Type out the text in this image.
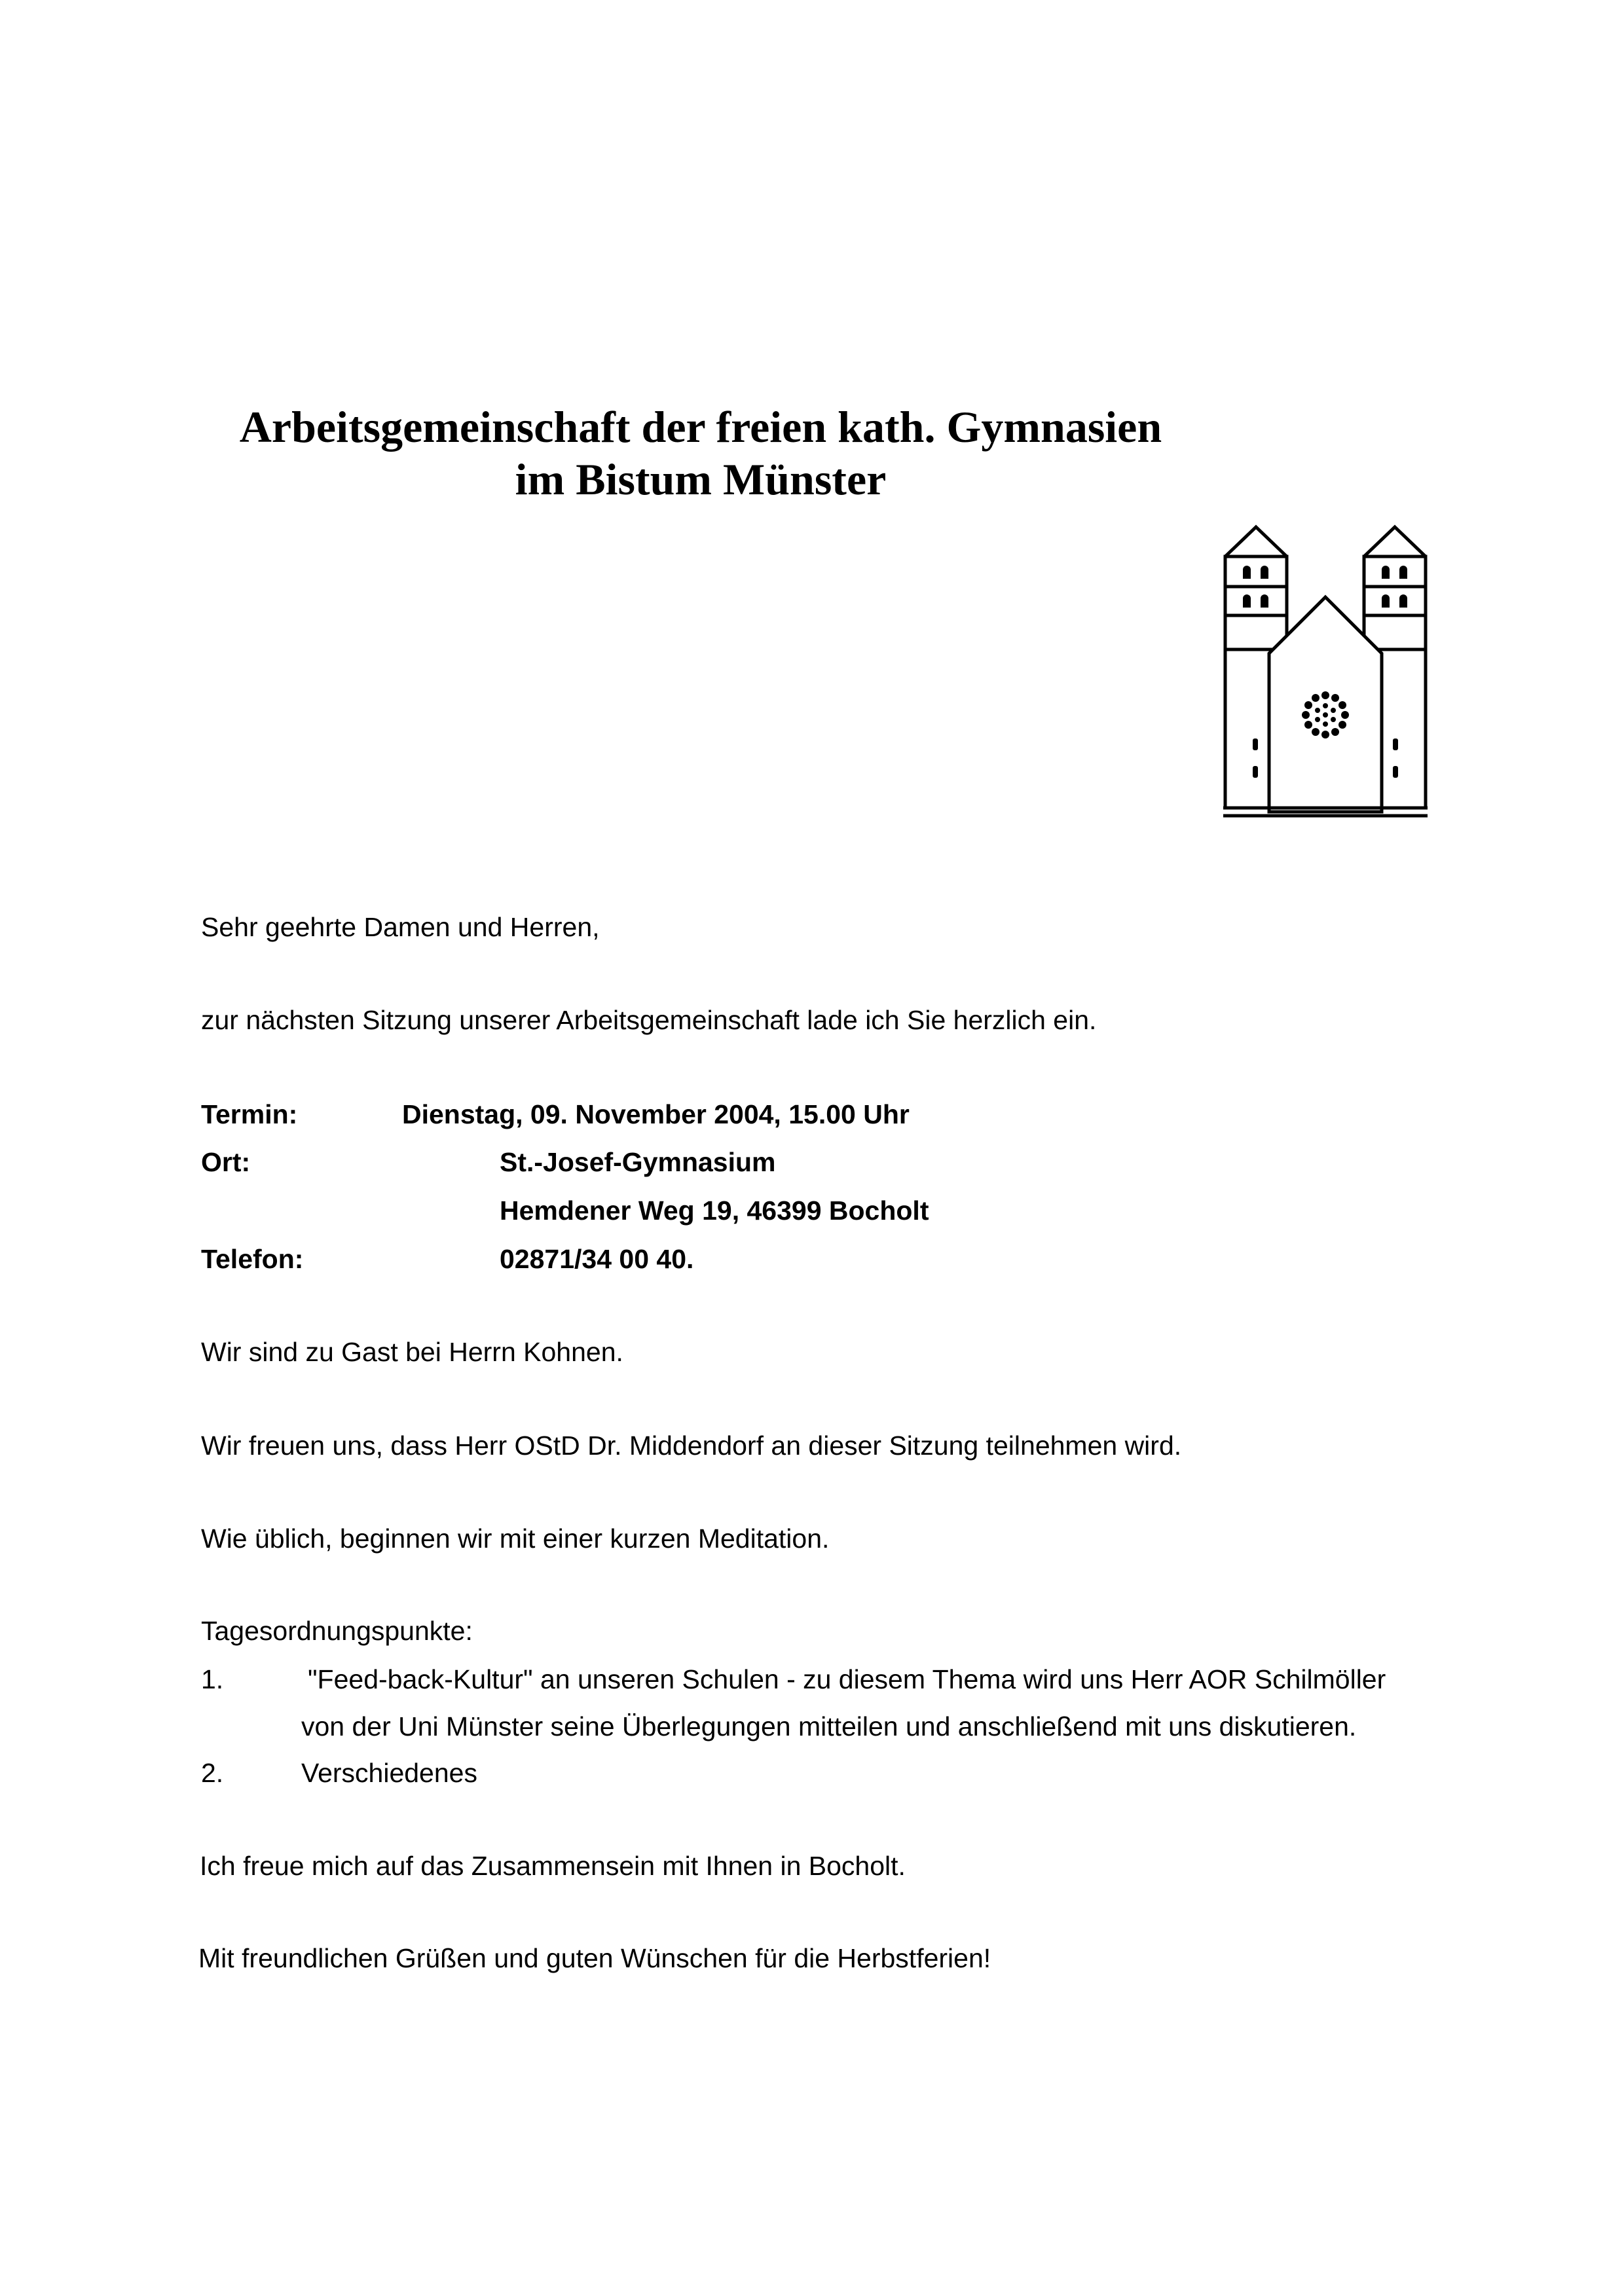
Arbeitsgemeinschaft der freien kath. Gymnasien
im Bistum Münster

Sehr geehrte Damen und Herren,

zur nächsten Sitzung unserer Arbeitsgemeinschaft lade ich Sie herzlich ein.

Termin:	Dienstag, 09. November 2004, 15.00 Uhr

Ort:	St.-Josef-Gymnasium

Hemdener Weg 19, 46399 Bocholt

Telefon:	02871/34 00 40.

Wir sind zu Gast bei Herrn Kohnen.

Wir freuen uns, dass Herr OStD Dr. Middendorf an dieser Sitzung teilnehmen wird.

Wie üblich, beginnen wir mit einer kurzen Meditation.

Tagesordnungspunkte:

1.	"Feed-back-Kultur" an unseren Schulen - zu diesem Thema wird uns Herr AOR Schilmöller

von der Uni Münster seine Überlegungen mitteilen und anschließend mit uns diskutieren.

2.	Verschiedenes

Ich freue mich auf das Zusammensein mit Ihnen in Bocholt.

Mit freundlichen Grüßen und guten Wünschen für die Herbstferien!
